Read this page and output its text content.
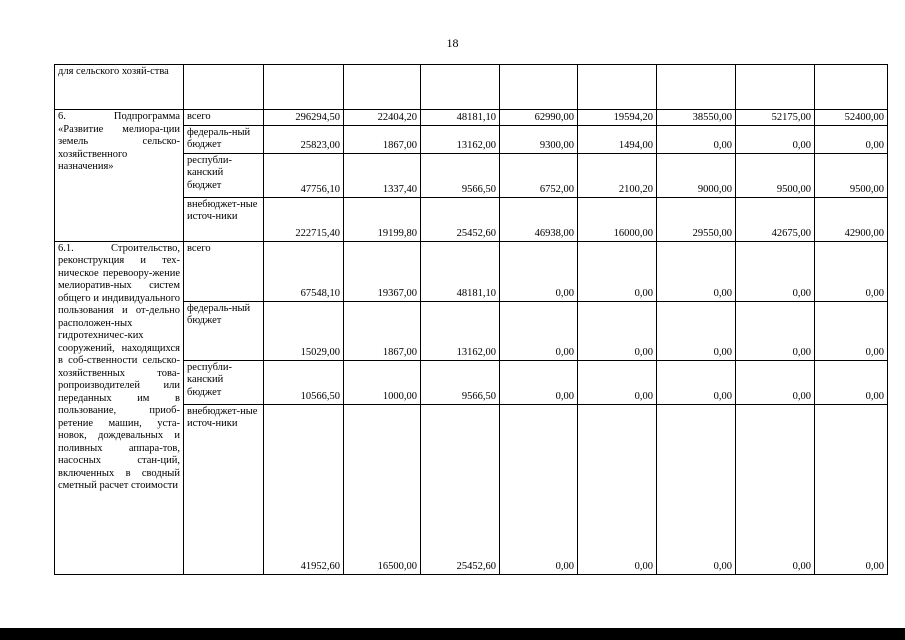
18
для сельского хозяй-ства									
6. Подпрограмма «Развитие мелиора-ции земель сельско-хозяйственного назначения»	всего	296294,50	22404,20	48181,10	62990,00	19594,20	38550,00	52175,00	52400,00
	федераль-ный бюджет	25823,00	1867,00	13162,00	9300,00	1494,00	0,00	0,00	0,00
	республи-канский бюджет	47756,10	1337,40	9566,50	6752,00	2100,20	9000,00	9500,00	9500,00
	внебюджет-ные источ-ники	222715,40	19199,80	25452,60	46938,00	16000,00	29550,00	42675,00	42900,00
6.1. Строительство, реконструкция и тех-ническое перевоору-жение мелиоратив-ных систем общего и индивидуального пользования и от-дельно расположен-ных гидротехничес-ких сооружений, находящихся в соб-ственности сельско-хозяйственных това-ропроизводителей или переданных им в пользование, приоб-ретение машин, уста-новок, дождевальных и поливных аппара-тов, насосных стан-ций, включенных в сводный сметный расчет стоимости	всего	67548,10	19367,00	48181,10	0,00	0,00	0,00	0,00	0,00
	федераль-ный бюджет	15029,00	1867,00	13162,00	0,00	0,00	0,00	0,00	0,00
	республи-канский бюджет	10566,50	1000,00	9566,50	0,00	0,00	0,00	0,00	0,00
	внебюджет-ные источ-ники	41952,60	16500,00	25452,60	0,00	0,00	0,00	0,00	0,00
